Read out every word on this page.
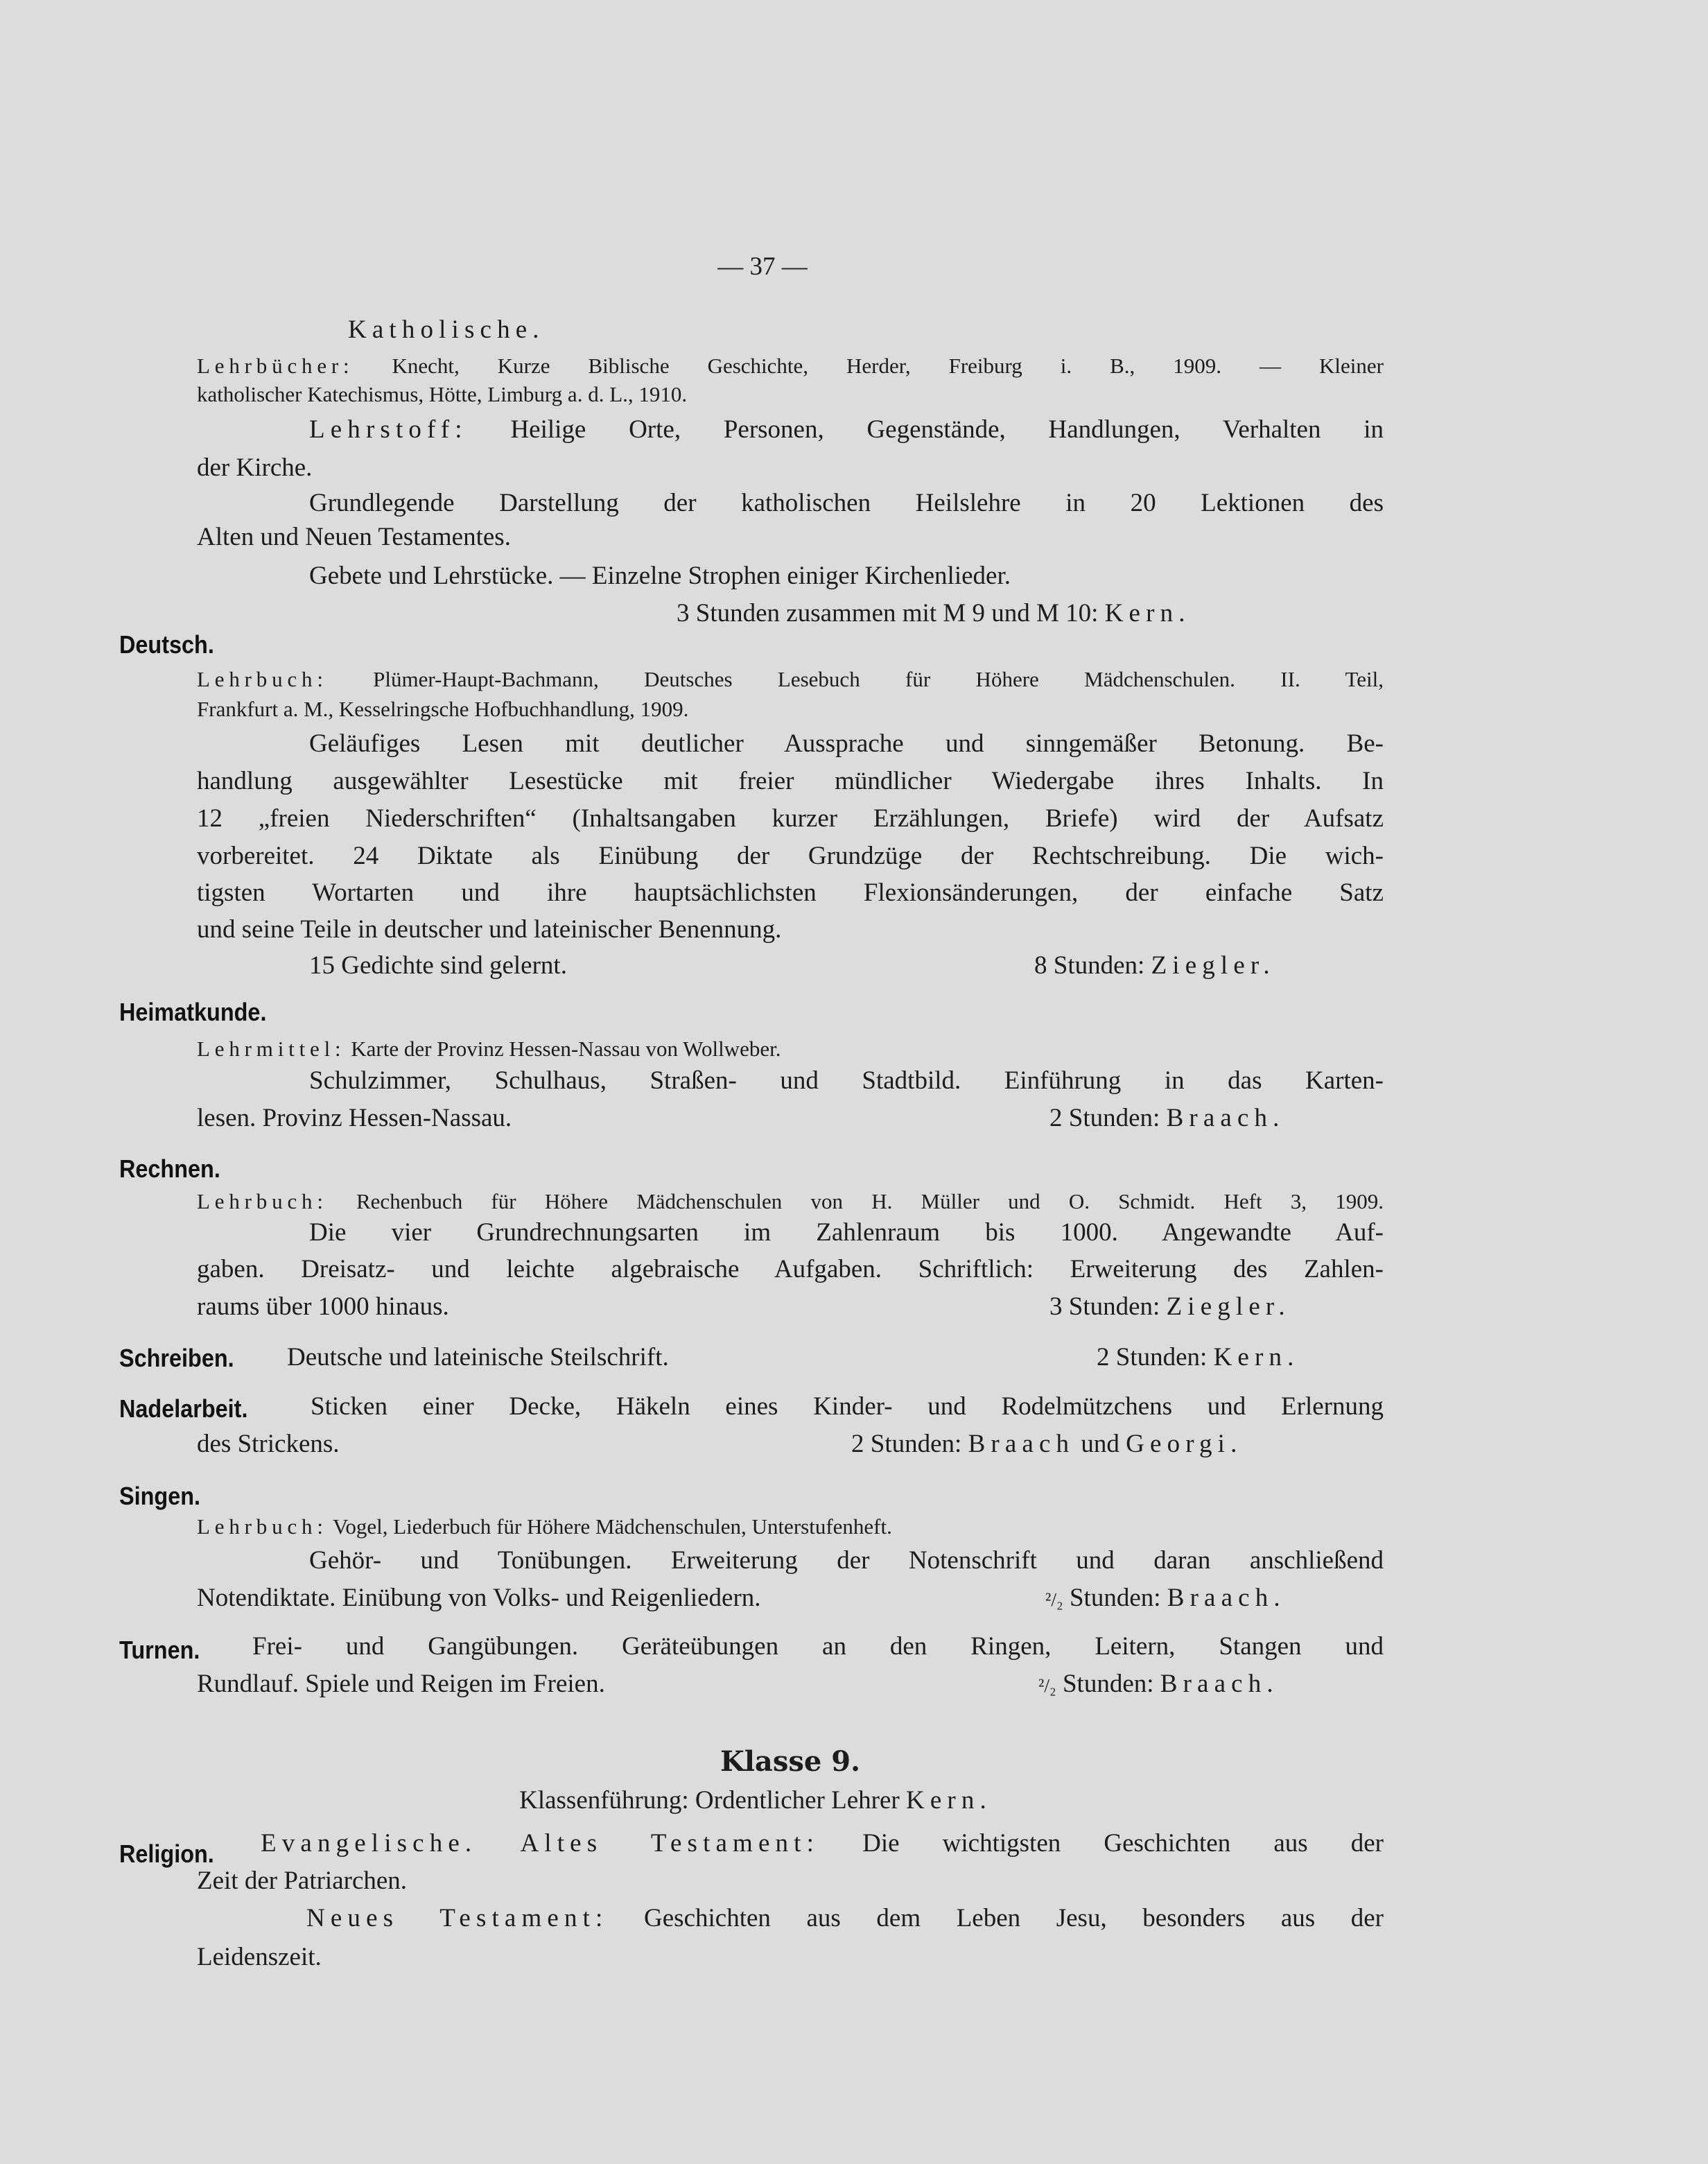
— 37 —
Katholische.
Lehrbücher: Knecht, Kurze Biblische Geschichte, Herder, Freiburg i. B., 1909. — Kleiner
katholischer Katechismus, Hötte, Limburg a. d. L., 1910.
Lehrstoff: Heilige Orte, Personen, Gegenstände, Handlungen, Verhalten in
der Kirche.
Grundlegende Darstellung der katholischen Heilslehre in 20 Lektionen des
Alten und Neuen Testamentes.
Gebete und Lehrstücke. — Einzelne Strophen einiger Kirchenlieder.
3 Stunden zusammen mit M 9 und M 10: Kern.
Deutsch.
Lehrbuch: Plümer-Haupt-Bachmann, Deutsches Lesebuch für Höhere Mädchenschulen. II. Teil,
Frankfurt a. M., Kesselringsche Hofbuchhandlung, 1909.
Geläufiges Lesen mit deutlicher Aussprache und sinngemäßer Betonung. Be-
handlung ausgewählter Lesestücke mit freier mündlicher Wiedergabe ihres Inhalts. In
12 „freien Niederschriften“ (Inhaltsangaben kurzer Erzählungen, Briefe) wird der Aufsatz
vorbereitet. 24 Diktate als Einübung der Grundzüge der Rechtschreibung. Die wich-
tigsten Wortarten und ihre hauptsächlichsten Flexionsänderungen, der einfache Satz
und seine Teile in deutscher und lateinischer Benennung.
15 Gedichte sind gelernt.	8 Stunden: Ziegler.
Heimatkunde.
Lehrmittel: Karte der Provinz Hessen-Nassau von Wollweber.
Schulzimmer, Schulhaus, Straßen- und Stadtbild. Einführung in das Karten-
lesen. Provinz Hessen-Nassau.	2 Stunden: Braach.
Rechnen.
Lehrbuch: Rechenbuch für Höhere Mädchenschulen von H. Müller und O. Schmidt. Heft 3, 1909.
Die vier Grundrechnungsarten im Zahlenraum bis 1000. Angewandte Auf-
gaben. Dreisatz- und leichte algebraische Aufgaben. Schriftlich: Erweiterung des Zahlen-
raums über 1000 hinaus.	3 Stunden: Ziegler.
Schreiben. Deutsche und lateinische Steilschrift.	2 Stunden: Kern.
Nadelarbeit. Sticken einer Decke, Häkeln eines Kinder- und Rodelmützchens und Erlernung
des Strickens.	2 Stunden: Braach und Georgi.
Singen.
Lehrbuch: Vogel, Liederbuch für Höhere Mädchenschulen, Unterstufenheft.
Gehör- und Tonübungen. Erweiterung der Notenschrift und daran anschließend
Notendiktate. Einübung von Volks- und Reigenliedern.	²/₂ Stunden: Braach.
Turnen. Frei- und Gangübungen. Geräteübungen an den Ringen, Leitern, Stangen und
Rundlauf. Spiele und Reigen im Freien.	²/₂ Stunden: Braach.
Klasse 9.
Klassenführung: Ordentlicher Lehrer Kern.
Religion. Evangelische. Altes Testament: Die wichtigsten Geschichten aus der
Zeit der Patriarchen.
Neues Testament: Geschichten aus dem Leben Jesu, besonders aus der
Leidenszeit.
